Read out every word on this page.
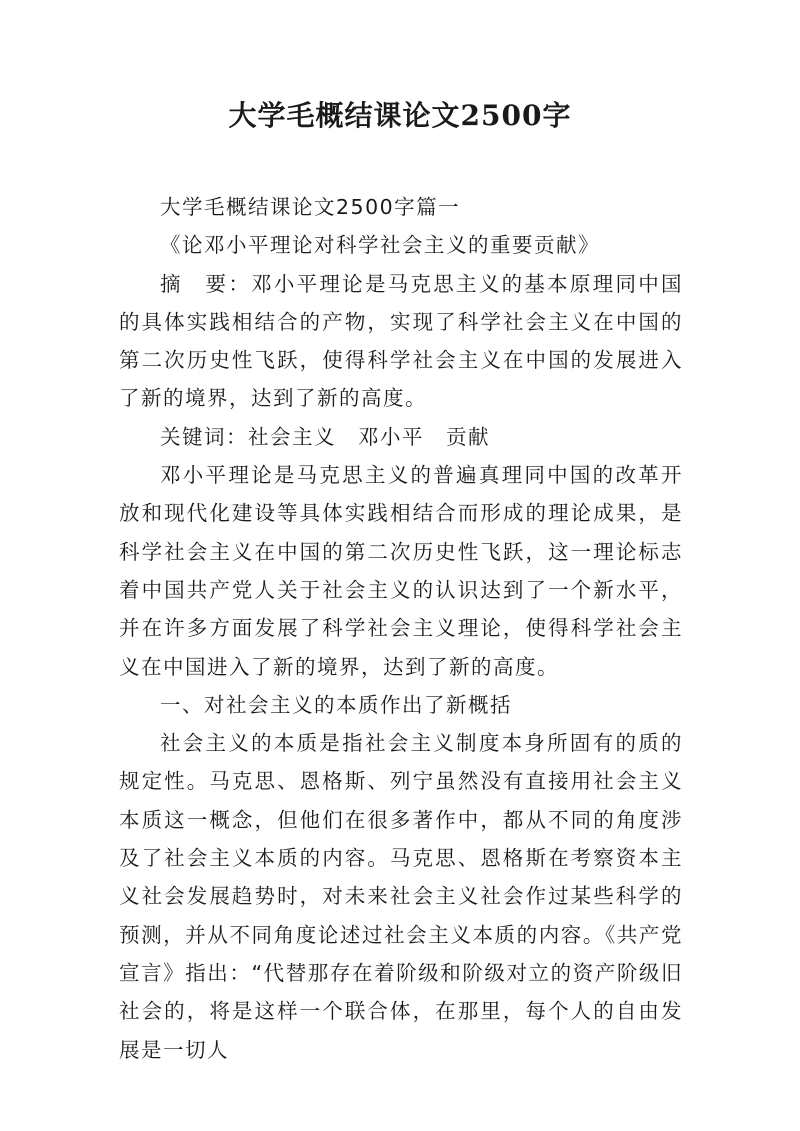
大学毛概结课论文2500字

大学毛概结课论文2500字篇一

《论邓小平理论对科学社会主义的重要贡献》

摘　要：邓小平理论是马克思主义的基本原理同中国的具体实践相结合的产物，实现了科学社会主义在中国的第二次历史性飞跃，使得科学社会主义在中国的发展进入了新的境界，达到了新的高度。

关键词：社会主义　邓小平　贡献

邓小平理论是马克思主义的普遍真理同中国的改革开放和现代化建设等具体实践相结合而形成的理论成果，是科学社会主义在中国的第二次历史性飞跃，这一理论标志着中国共产党人关于社会主义的认识达到了一个新水平，并在许多方面发展了科学社会主义理论，使得科学社会主义在中国进入了新的境界，达到了新的高度。

一、对社会主义的本质作出了新概括

社会主义的本质是指社会主义制度本身所固有的质的规定性。马克思、恩格斯、列宁虽然没有直接用社会主义本质这一概念，但他们在很多著作中，都从不同的角度涉及了社会主义本质的内容。马克思、恩格斯在考察资本主义社会发展趋势时，对未来社会主义社会作过某些科学的预测，并从不同角度论述过社会主义本质的内容。《共产党宣言》指出：“代替那存在着阶级和阶级对立的资产阶级旧社会的，将是这样一个联合体，在那里，每个人的自由发展是一切人
